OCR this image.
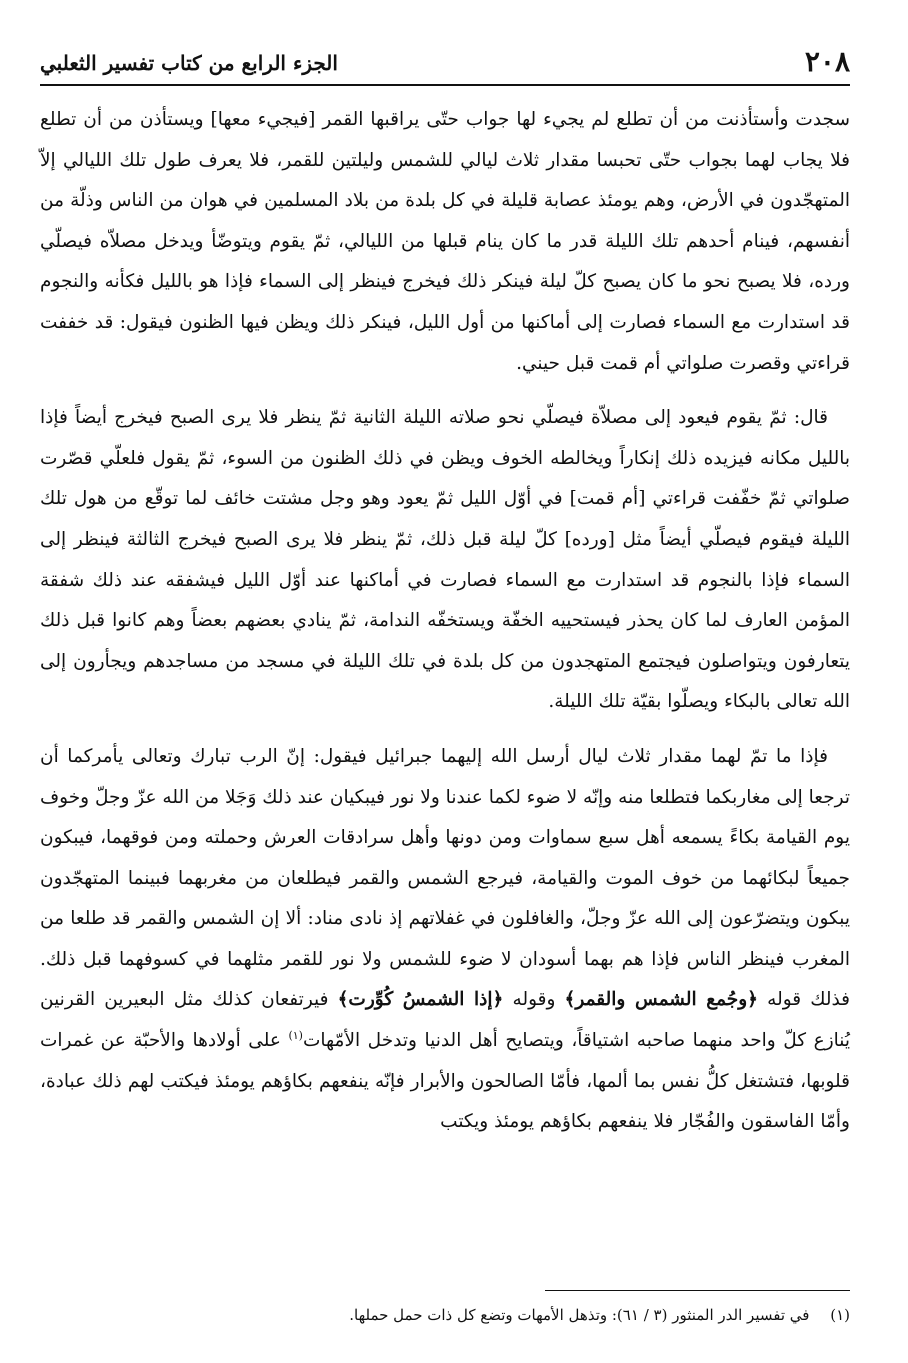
٢٠٨
الجزء الرابع من كتاب تفسير الثعلبي

سجدت وأستأذنت من أن تطلع لم يجيء لها جواب حتّى يراقبها القمر [فيجيء معها] ويستأذن من أن تطلع فلا يجاب لهما بجواب حتّى تحبسا مقدار ثلاث ليالي للشمس وليلتين للقمر، فلا يعرف طول تلك الليالي إلاّ المتهجّدون في الأرض، وهم يومئذ عصابة قليلة في كل بلدة من بلاد المسلمين في هوان من الناس وذلّة من أنفسهم، فينام أحدهم تلك الليلة قدر ما كان ينام قبلها من الليالي، ثمّ يقوم ويتوضّأ ويدخل مصلاّه فيصلّي ورده، فلا يصبح نحو ما كان يصبح كلّ ليلة فينكر ذلك فيخرج فينظر إلى السماء فإذا هو بالليل فكأنه والنجوم قد استدارت مع السماء فصارت إلى أماكنها من أول الليل، فينكر ذلك ويظن فيها الظنون فيقول: قد خففت قراءتي وقصرت صلواتي أم قمت قبل حيني.

قال: ثمّ يقوم فيعود إلى مصلاّة فيصلّي نحو صلاته الليلة الثانية ثمّ ينظر فلا يرى الصبح فيخرج أيضاً فإذا بالليل مكانه فيزيده ذلك إنكاراً ويخالطه الخوف ويظن في ذلك الظنون من السوء، ثمّ يقول فلعلّي قصّرت صلواتي ثمّ خفّفت قراءتي [أم قمت] في أوّل الليل ثمّ يعود وهو وجل مشتت خائف لما توقّع من هول تلك الليلة فيقوم فيصلّي أيضاً مثل [ورده] كلّ ليلة قبل ذلك، ثمّ ينظر فلا يرى الصبح فيخرج الثالثة فينظر إلى السماء فإذا بالنجوم قد استدارت مع السماء فصارت في أماكنها عند أوّل الليل فيشفقه عند ذلك شفقة المؤمن العارف لما كان يحذر فيستحييه الخفّة ويستخفّه الندامة، ثمّ ينادي بعضهم بعضاً وهم كانوا قبل ذلك يتعارفون ويتواصلون فيجتمع المتهجدون من كل بلدة في تلك الليلة في مسجد من مساجدهم ويجأرون إلى الله تعالى بالبكاء ويصلّوا بقيّة تلك الليلة.

فإذا ما تمّ لهما مقدار ثلاث ليال أرسل الله إليهما جبرائيل فيقول: إنّ الرب تبارك وتعالى يأمركما أن ترجعا إلى مغاربكما فتطلعا منه وإنّه لا ضوء لكما عندنا ولا نور فيبكيان عند ذلك وَجَلا من الله عزّ وجلّ وخوف يوم القيامة بكاءً يسمعه أهل سبع سماوات ومن دونها وأهل سرادقات العرش وحملته ومن فوقهما، فيبكون جميعاً لبكائهما من خوف الموت والقيامة، فيرجع الشمس والقمر فيطلعان من مغربهما فبينما المتهجّدون يبكون ويتضرّعون إلى الله عزّ وجلّ، والغافلون في غفلاتهم إذ نادى مناد: ألا إن الشمس والقمر قد طلعا من المغرب فينظر الناس فإذا هم بهما أسودان لا ضوء للشمس ولا نور للقمر مثلهما في كسوفهما قبل ذلك. فذلك قوله ﴿وجُمع الشمس والقمر﴾ وقوله ﴿إذا الشمسُ كُوِّرت﴾ فيرتفعان كذلك مثل البعيرين القرنين يُنازع كلّ واحد منهما صاحبه اشتياقاً، ويتصايح أهل الدنيا وتدخل الأمّهات$^{(١)}$ على أولادها والأحبّة عن غمرات قلوبها، فتشتغل كلُّ نفس بما ألمها، فأمّا الصالحون والأبرار فإنّه ينفعهم بكاؤهم يومئذ فيكتب لهم ذلك عبادة، وأمّا الفاسقون والفُجّار فلا ينفعهم بكاؤهم يومئذ ويكتب

(١) في تفسير الدر المنثور (٣ / ٦١): وتذهل الأمهات وتضع كل ذات حمل حملها.
